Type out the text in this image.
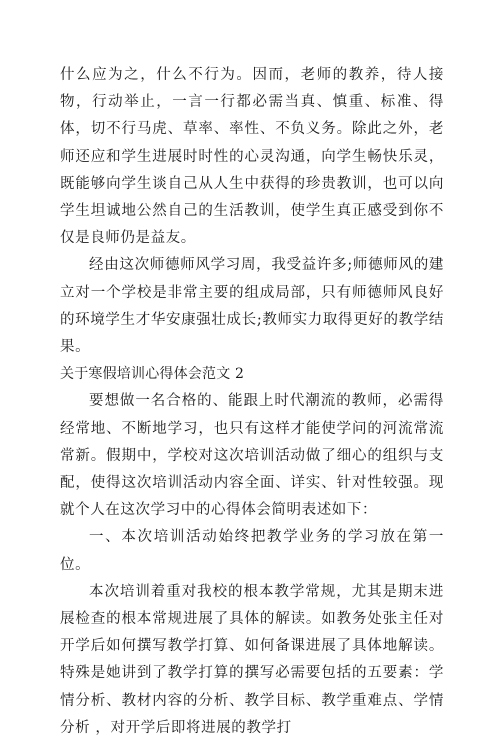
什么应为之，什么不行为。因而，老师的教养，待人接物，行动举止，一言一行都必需当真、慎重、标准、得体，切不行马虎、草率、率性、不负义务。除此之外，老师还应和学生进展时时性的心灵沟通，向学生畅快乐灵，既能够向学生谈自己从人生中获得的珍贵教训，也可以向学生坦诚地公然自己的生活教训，使学生真正感受到你不仅是良师仍是益友。

经由这次师德师风学习周，我受益许多;师德师风的建立对一个学校是非常主要的组成局部，只有师德师风良好的环境学生才华安康强壮成长;教师实力取得更好的教学结果。

关于寒假培训心得体会范文 2

要想做一名合格的、能跟上时代潮流的教师，必需得经常地、不断地学习，也只有这样才能使学问的河流常流常新。假期中，学校对这次培训活动做了细心的组织与支配，使得这次培训活动内容全面、详实、针对性较强。现就个人在这次学习中的心得体会简明表述如下：

一、本次培训活动始终把教学业务的学习放在第一位。

本次培训着重对我校的根本教学常规，尤其是期末进展检查的根本常规进展了具体的解读。如教务处张主任对开学后如何撰写教学打算、如何备课进展了具体地解读。特殊是她讲到了教学打算的撰写必需要包括的五要素：学情分析、教材内容的分析、教学目标、教学重难点、学情分析 ，对开学后即将进展的教学打
